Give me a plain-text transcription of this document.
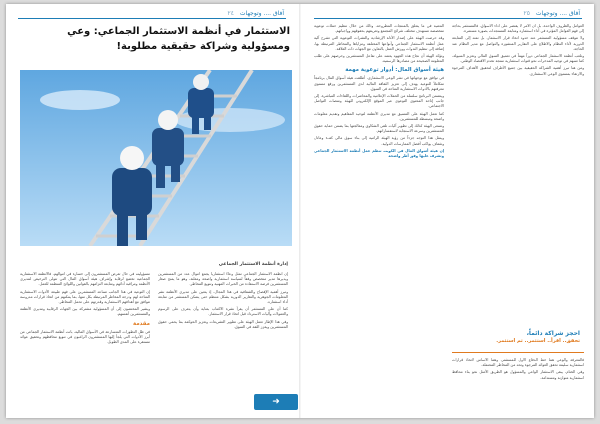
آفاق .... وتوجهات ٢٤
الاستثمار في أنظمة الاستثمار الجماعي: وعي ومسؤولية وشراكة حقيقية مطلوبة!
إدارة أنظمة الاستثمار الجماعي

إن أنظمة الاستثمار الجماعي تمثل وعاءً استثمارياً يجمع أموال عدد من المستثمرين ويديرها مدير متخصص وفقاً لسياسة استثمارية واضحة ومعلنة، وهو ما يمنح صغار المستثمرين فرصة الاستفادة من الخبرات المهنية وتنويع المخاطر.

وتبرز أهمية الإفصاح والشفافية في هذا المجال، إذ يتعين على مديري الأنظمة نشر المعلومات الجوهرية والتقارير الدورية بشكل منتظم حتى يتمكن المستثمر من متابعة أداء استثماره.

كما أن على المستثمر أن يقرأ نشرة الاكتتاب بعناية وأن يتعرف على الرسوم والعمولات وآليات الاسترداد قبل اتخاذ قرار الاستثمار.

وفي هذا الإطار تعمل الهيئة على تطوير التشريعات وتعزيز الحوكمة بما يحمي حقوق المستثمرين ويعزز الثقة في السوق.

مسؤوليته في حال تعرض المستثمرون إلى خسارة في أموالهم، فالأنظمة الاستثمارية الجماعية تخضع لرقابة وإشراف هيئة أسواق المال التي تتولى الترخيص لمديري الأنظمة ومراقبة أدائهم ومتابعة التزامهم بالقوانين واللوائح المنظمة للعمل.

إن التوعية في هذا الجانب تساعد المستثمرين على فهم طبيعة الأدوات الاستثمارية المتاحة لهم ودرجة المخاطر المرتبطة بكل منها، بما يمكنهم من اتخاذ قرارات مدروسة تتوافق مع أهدافهم الاستثمارية وقدرتهم على تحمل المخاطر.

ويشير المختصون إلى أن المسؤولية مشتركة بين الجهات الرقابية ومديري الأنظمة والمستثمرين أنفسهم.

مقدمة

في ظل التطورات المتسارعة في الأسواق المالية، باتت أنظمة الاستثمار الجماعي من أبرز الأدوات التي يلجأ إليها المستثمرون الراغبون في تنويع محافظهم وتحقيق عوائد مستقرة على المدى الطويل.

آفاق .... وتوجهات ٢٥

العوامل والظروف الواحدة، بل ان الأمر لا يقتصر على أداء الأسواق، فالمستثمر بحاجة إلى فهم العوامل المؤثرة في أداء استثماره ومتابعة المستجدات بصورة مستمرة.

ولا تتوقف مسؤولية المستثمر عند حدود اتخاذ قرار الاستثمار، بل تمتد إلى المتابعة الدورية لأداء النظام والاطلاع على التقارير المنشورة والتواصل مع مدير النظام عند الحاجة.

وتلعب أنظمة الاستثمار الجماعي دوراً مهماً في تعميق السوق المالي وتعزيز السيولة، كما تسهم في توجيه المدخرات نحو قنوات استثمارية منتجة تخدم الاقتصاد الوطني.

ومن هنا تبرز أهمية الشراكة الحقيقية بين جميع الأطراف لتحقيق الأهداف المرجوة والارتقاء بمستوى الوعي الاستثماري.

احجز شراكة دائماً،
تحقق.. اقرأ.. استثمر.. ثم استثمر.

فالمعرفة والوعي هما خط الدفاع الأول للمستثمر، وهما الأساس لاتخاذ قرارات استثمارية سليمة تحقق العوائد المرجوة وتحد من المخاطر المحتملة.

وفي الختام، يبقى الاستثمار الواعي والمسؤول هو الطريق الأمثل نحو بناء محافظ استثمارية متوازنة ومستدامة.

المعنية في ما يتعلق بالمنتجات المطروحة، وذلك من خلال تنظيم حملات توعوية متخصصة تستهدف مختلف شرائح المجتمع وتعريفهم بحقوقهم وواجباتهم.

وقد حرصت الهيئة على إصدار الأدلة الإرشادية والنشرات التوعوية التي تشرح آلية عمل أنظمة الاستثمار الجماعي وأنواعها المختلفة ومزاياها والمخاطر المرتبطة بها، إضافة إلى تنظيم الندوات وورش العمل بالتعاون مع الجهات ذات العلاقة.

وتؤكد الهيئة أن نجاح هذه الجهود يعتمد على تفاعل المستثمرين وحرصهم على طلب المعلومة الصحيحة من مصادرها الرسمية.

هيئة أسواق المال: أدوار توعوية مهمة

في توافق مع توجهاتها في نشر الوعي الاستثماري، أطلقت هيئة أسواق المال برنامجاً متكاملاً للتوعية يهدف إلى تعزيز الثقافة المالية لدى المستثمرين ورفع مستوى معرفتهم بالأدوات الاستثمارية المتاحة في السوق.

ويتضمن البرنامج سلسلة من الحملات الإعلامية والمحاضرات واللقاءات المباشرة، إلى جانب إتاحة المحتوى التوعوي عبر الموقع الإلكتروني للهيئة ومنصات التواصل الاجتماعي.

كما تعمل الهيئة على التنسيق مع مديري الأنظمة لتوحيد المفاهيم وتقديم معلومات واضحة ومبسطة للمستثمرين.

وتسعى الهيئة كذلك إلى تطوير آليات تلقي الشكاوى ومعالجتها بما يضمن حماية حقوق المستثمرين وسرعة الاستجابة لاستفساراتهم.

ويمثل هذا التوجه جزءاً من رؤية الهيئة الرامية إلى بناء سوق مالي كفء وعادل وشفاف يواكب أفضل الممارسات الدولية.

إن هيئة أسواق المال في الكويت تنظم عمل أنظمة الاستثمار الجماعي وتشرف عليها وفق أطر واضحة

➜
